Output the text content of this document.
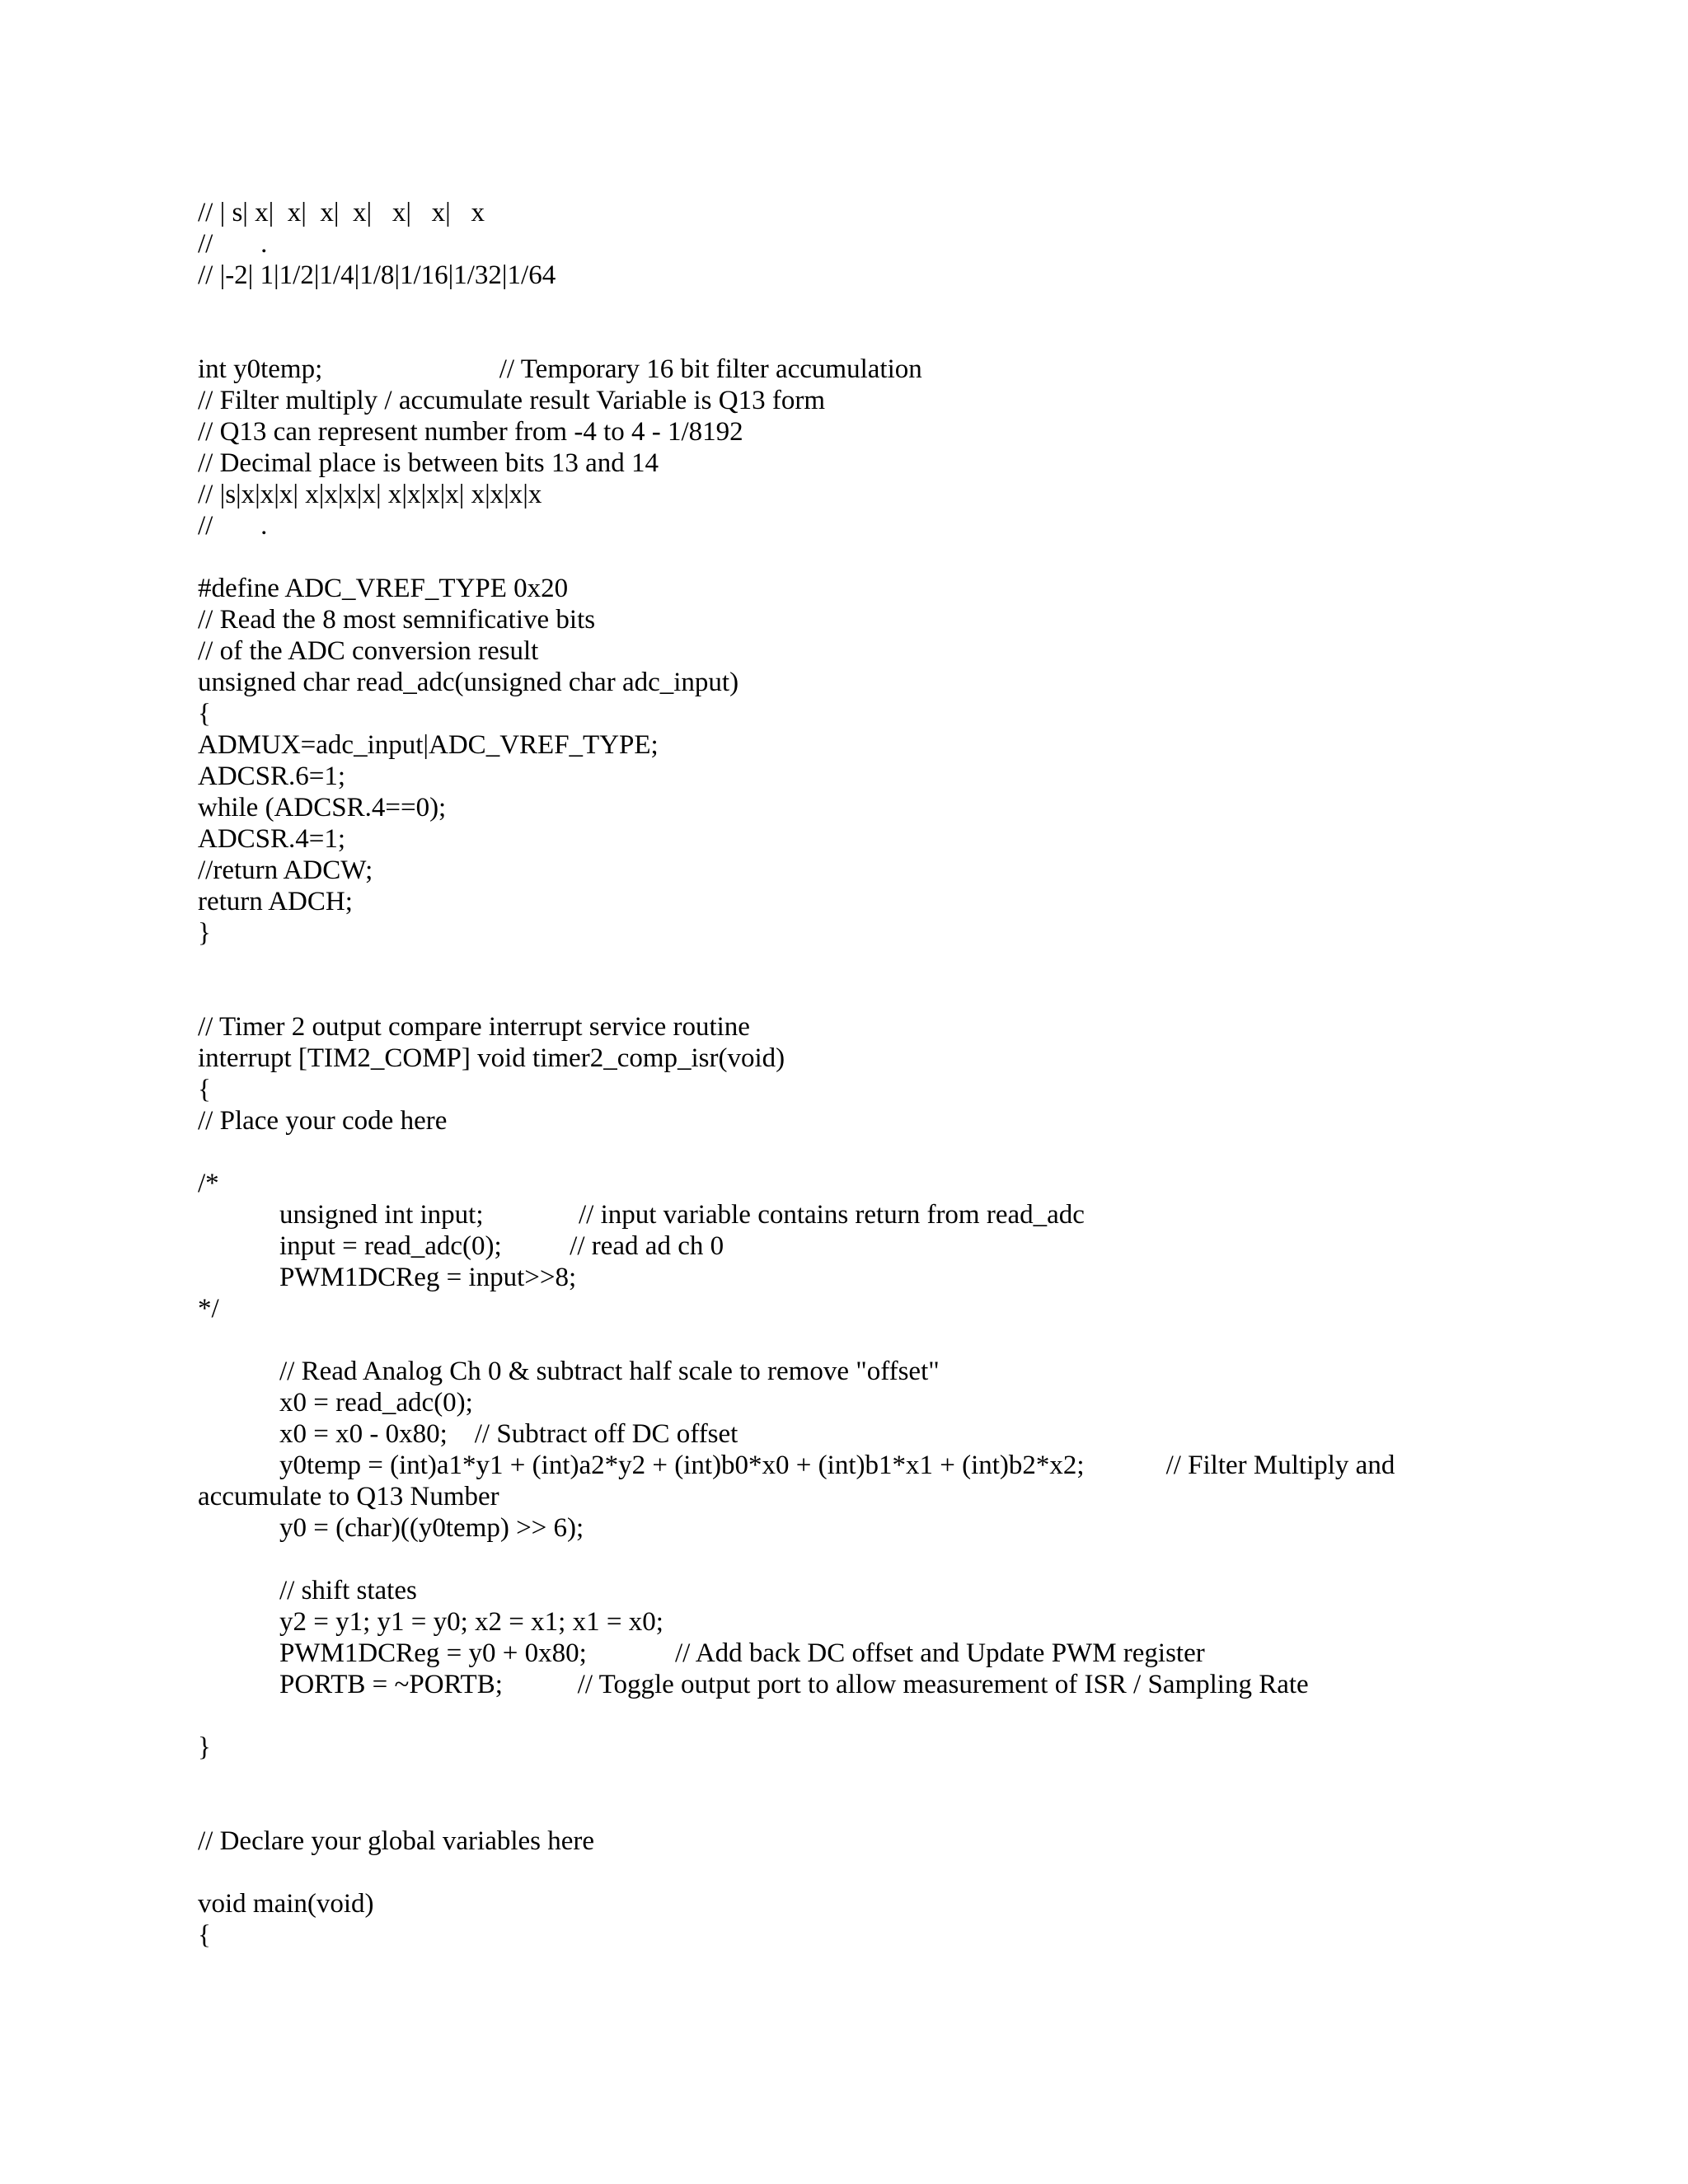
// | s| x|  x|  x|  x|   x|   x|   x
//       .
// |-2| 1|1/2|1/4|1/8|1/16|1/32|1/64
int y0temp;                          // Temporary 16 bit filter accumulation
// Filter multiply / accumulate result Variable is Q13 form
// Q13 can represent number from -4 to 4 - 1/8192
// Decimal place is between bits 13 and 14
// |s|x|x|x| x|x|x|x| x|x|x|x| x|x|x|x
//       .
#define ADC_VREF_TYPE 0x20
// Read the 8 most semnificative bits
// of the ADC conversion result
unsigned char read_adc(unsigned char adc_input)
{
ADMUX=adc_input|ADC_VREF_TYPE;
ADCSR.6=1;
while (ADCSR.4==0);
ADCSR.4=1;
//return ADCW;
return ADCH;
}
// Timer 2 output compare interrupt service routine
interrupt [TIM2_COMP] void timer2_comp_isr(void)
{
// Place your code here
/*
unsigned int input;              // input variable contains return from read_adc
input = read_adc(0);          // read ad ch 0
PWM1DCReg = input>>8;
*/
// Read Analog Ch 0 & subtract half scale to remove "offset"
x0 = read_adc(0);
x0 = x0 - 0x80;    // Subtract off DC offset
y0temp = (int)a1*y1 + (int)a2*y2 + (int)b0*x0 + (int)b1*x1 + (int)b2*x2;            // Filter Multiply and
accumulate to Q13 Number
y0 = (char)((y0temp) >> 6);
// shift states
y2 = y1; y1 = y0; x2 = x1; x1 = x0;
PWM1DCReg = y0 + 0x80;             // Add back DC offset and Update PWM register
PORTB = ~PORTB;           // Toggle output port to allow measurement of ISR / Sampling Rate
}
// Declare your global variables here
void main(void)
{
